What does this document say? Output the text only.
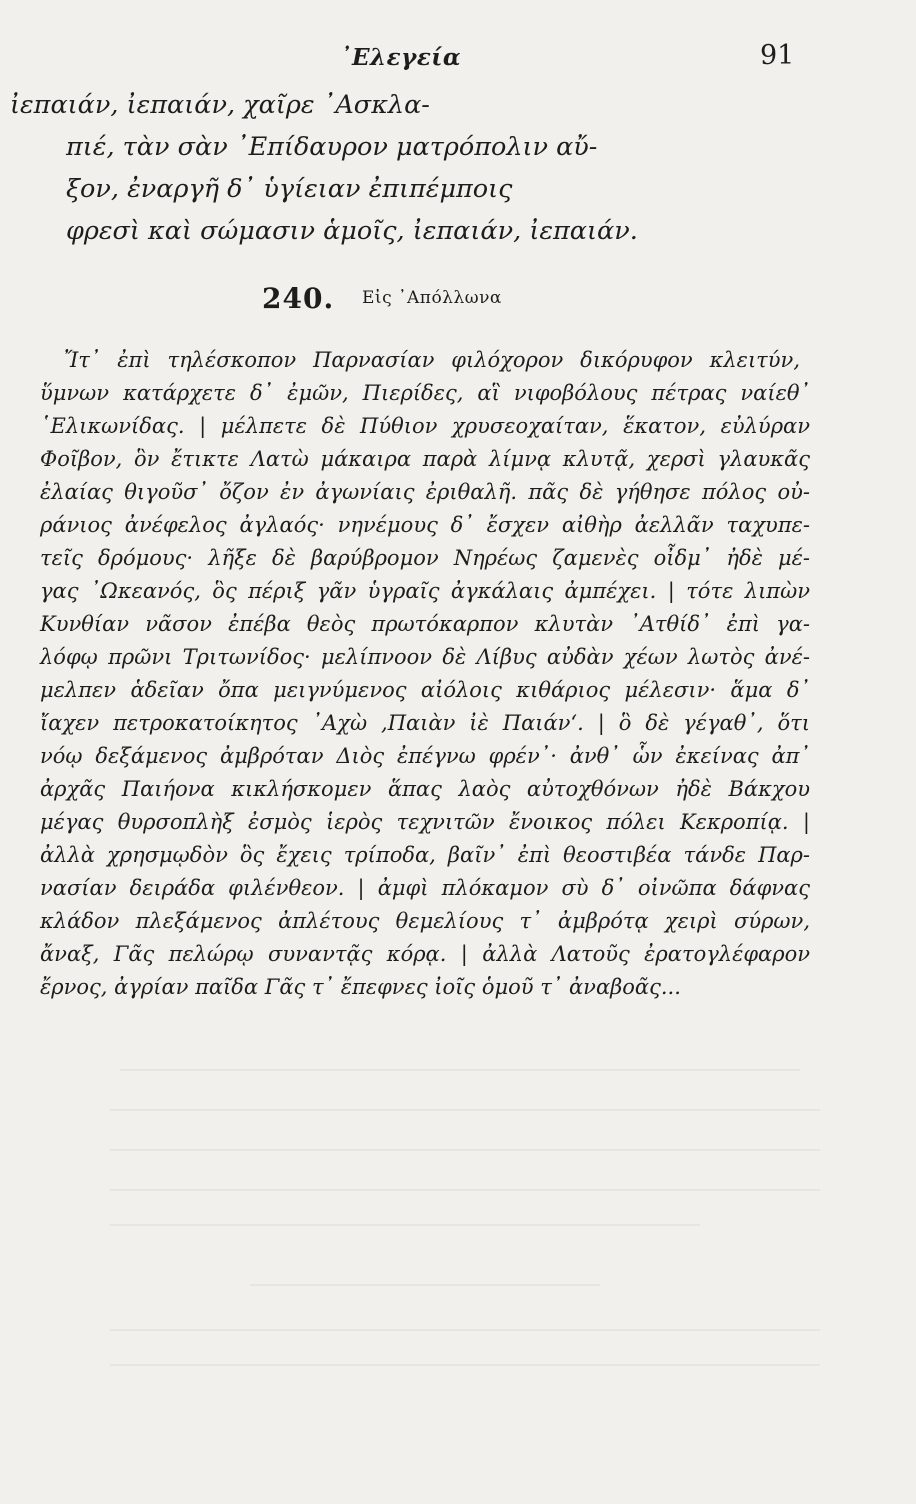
᾿Ελεγεία	91
ἰεπαιάν, ἰεπαιάν, χαῖρε ᾿Ασκλα-
πιέ, τὰν σὰν ᾿Επίδαυρον ματρόπολιν αὔ-
ξον, ἐναργῆ δ᾿ ὑγίειαν ἐπιπέμποις
φρεσὶ καὶ σώμασιν ἁμοῖς, ἰεπαιάν, ἰεπαιάν.
240. Εἰς ᾿Απόλλωνα
Ἴτ᾿ ἐπὶ τηλέσκοπον Παρνασίαν φιλόχορον δικόρυφον κλειτύν,
ὕμνων κατάρχετε δ᾿ ἐμῶν, Πιερίδες, αἳ νιφοβόλους πέτρας ναίεθ᾿
῾Ελικωνίδας. | μέλπετε δὲ Πύθιον χρυσεοχαίταν, ἕκατον, εὐλύραν
Φοῖβον, ὃν ἔτικτε Λατὼ μάκαιρα παρὰ λίμνᾳ κλυτᾷ, χερσὶ γλαυκᾶς
ἐλαίας θιγοῦσ᾿ ὄζον ἐν ἀγωνίαις ἐριθαλῆ. πᾶς δὲ γήθησε πόλος οὐ-
ράνιος ἀνέφελος ἀγλαός· νηνέμους δ᾿ ἔσχεν αἰθὴρ ἀελλᾶν ταχυπε-
τεῖς δρόμους· λῆξε δὲ βαρύβρομον Νηρέως ζαμενὲς οἶδμ᾿ ἠδὲ μέ-
γας ᾿Ωκεανός, ὃς πέριξ γᾶν ὑγραῖς ἀγκάλαις ἀμπέχει. | τότε λιπὼν
Κυνθίαν νᾶσον ἐπέβα θεὸς πρωτόκαρπον κλυτὰν ᾿Ατθίδ᾿ ἐπὶ γα-
λόφῳ πρῶνι Τριτωνίδος· μελίπνοον δὲ Λίβυς αὐδὰν χέων λωτὸς ἀνέ-
μελπεν ἁδεῖαν ὄπα μειγνύμενος αἰόλοις κιθάριος μέλεσιν· ἅμα δ᾿
ἴαχεν πετροκατοίκητος ᾿Αχὼ ,Παιὰν ἰὲ Παιάν‘. | ὃ δὲ γέγαθ᾿, ὅτι
νόῳ δεξάμενος ἀμβρόταν Διὸς ἐπέγνω φρέν᾿· ἀνθ᾿ ὧν ἐκείνας ἀπ᾿
ἀρχᾶς Παιήονα κικλήσκομεν ἅπας λαὸς αὐτοχθόνων ἠδὲ Βάκχου
μέγας θυρσοπλὴξ ἐσμὸς ἱερὸς τεχνιτῶν ἔνοικος πόλει Κεκροπίᾳ. |
ἀλλὰ χρησμῳδὸν ὃς ἔχεις τρίποδα, βαῖν᾿ ἐπὶ θεοστιβέα τάνδε Παρ-
νασίαν δειράδα φιλένθεον. | ἀμφὶ πλόκαμον σὺ δ᾿ οἰνῶπα δάφνας
κλάδον πλεξάμενος ἀπλέτους θεμελίους τ᾿ ἀμβρότᾳ χειρὶ σύρων,
ἄναξ, Γᾶς πελώρῳ συναντᾷς κόρᾳ. | ἀλλὰ Λατοῦς ἐρατογλέφαρον
ἔρνος, ἀγρίαν παῖδα Γᾶς τ᾿ ἔπεφνες ἰοῖς ὁμοῦ τ᾿ ἀναβοᾶς...
